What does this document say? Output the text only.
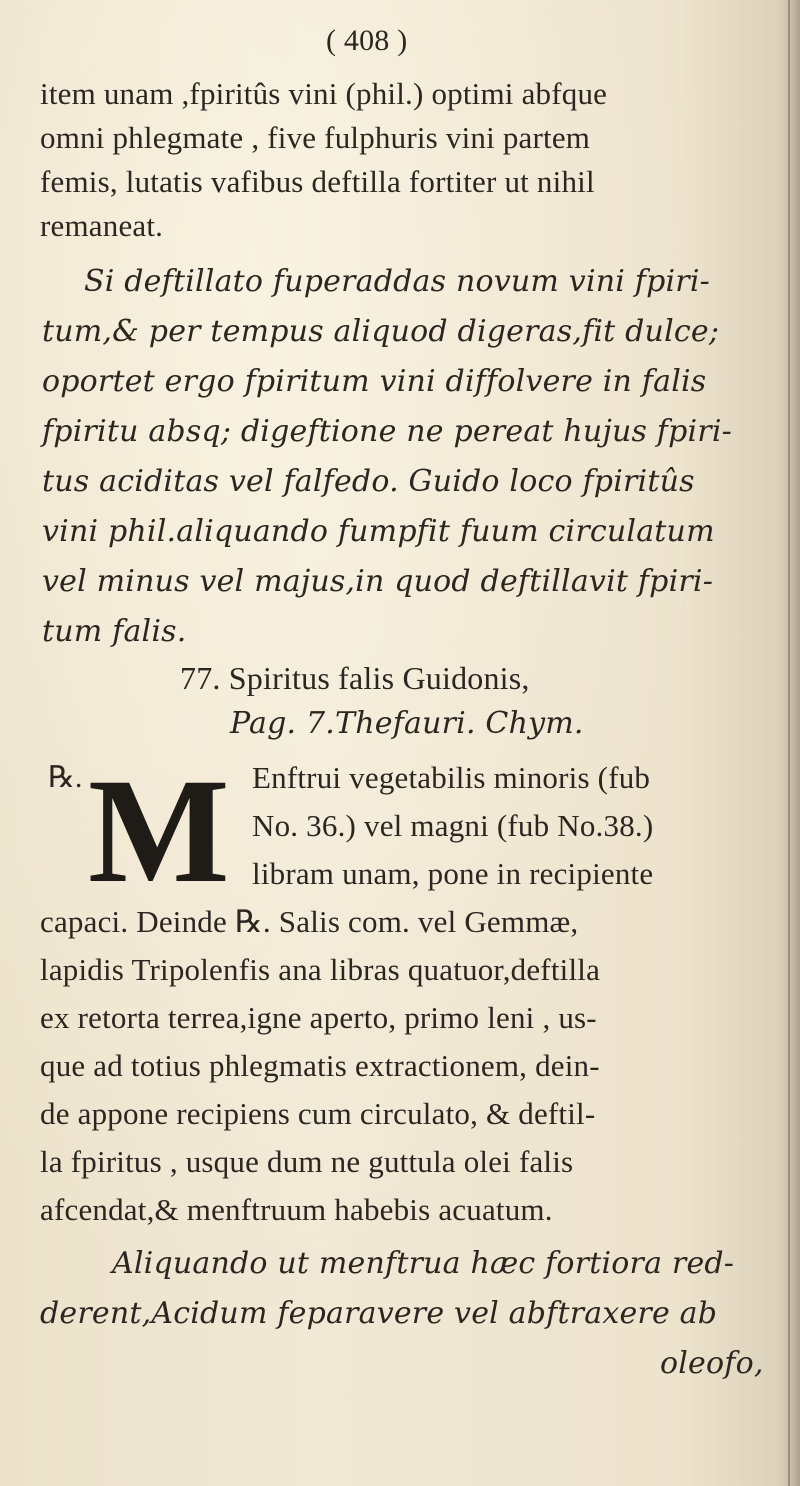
( 408 )
item unam ,fpiritûs vini (phil.) optimi abfque
omni phlegmate , five fulphuris vini partem
femis, lutatis vafibus deftilla fortiter ut nihil
remaneat.
Si deftillato fuperaddas novum vini fpiri-
tum,& per tempus aliquod digeras,fit dulce;
oportet ergo fpiritum vini diffolvere in falis
fpiritu absq; digeftione ne pereat hujus fpiri-
tus aciditas vel falfedo. Guido loco fpiritûs
vini phil.aliquando fumpfit fuum circulatum
vel minus vel majus,in quod deftillavit fpiri-
tum falis.
77. Spiritus falis Guidonis,
Pag. 7.Thefauri. Chym.
℞. M Enftrui vegetabilis minoris (fub
No. 36.) vel magni (fub No.38.)
libram unam, pone in recipiente
capaci. Deinde ℞. Salis com. vel Gemmæ,
lapidis Tripolenfis ana libras quatuor,deftilla
ex retorta terrea,igne aperto, primo leni , us-
que ad totius phlegmatis extractionem, dein-
de appone recipiens cum circulato, & deftil-
la fpiritus , usque dum ne guttula olei falis
afcendat,& menftruum habebis acuatum.
Aliquando ut menftrua hæc fortiora red-
derent,Acidum feparavere vel abftraxere ab
oleofo,
